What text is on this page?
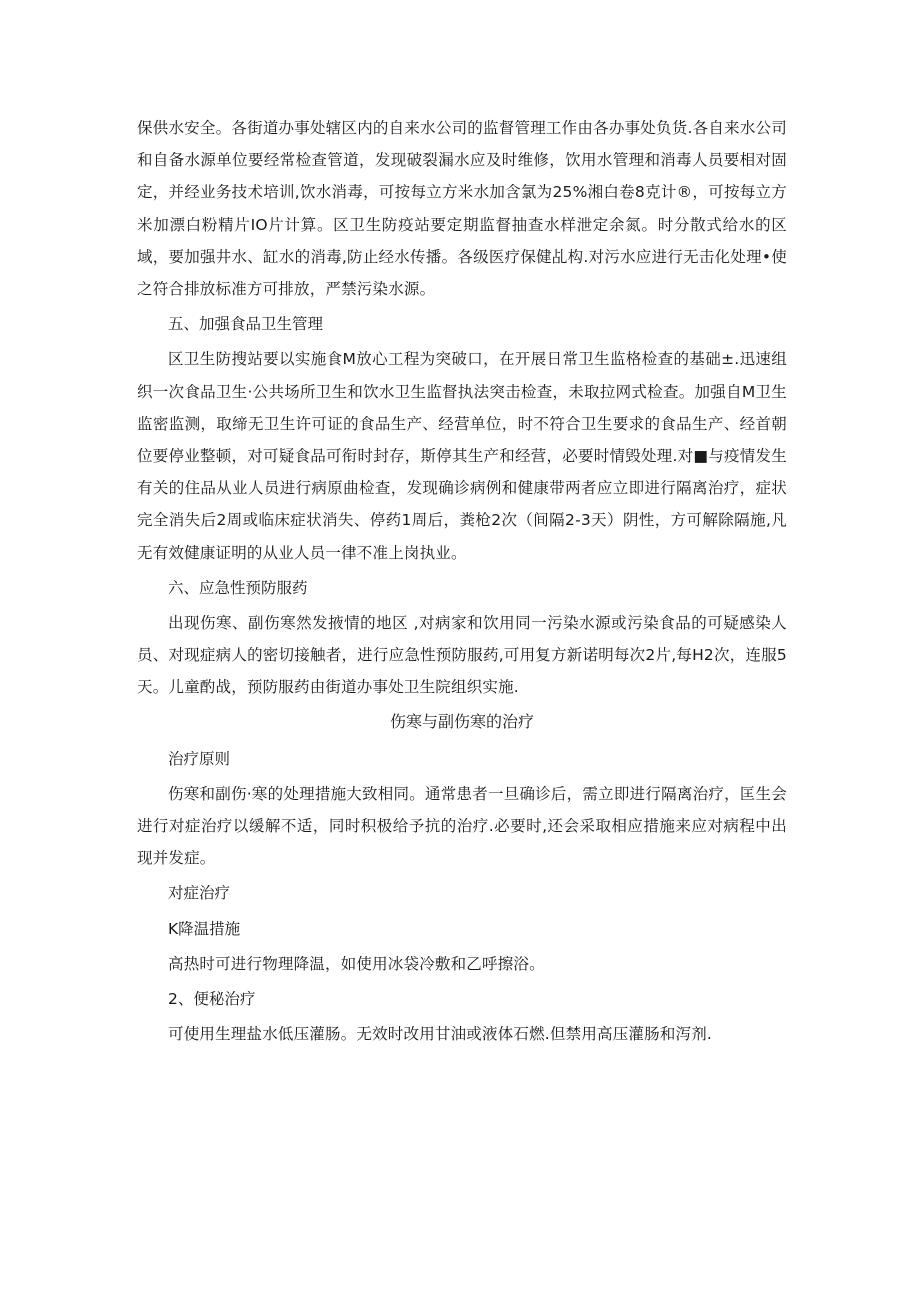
保供水安全。各街道办事处辖区内的自来水公司的监督管理工作由各办事处负货.各自来水公司和自备水源单位要经常检查管道，发现破裂漏水应及时维修，饮用水管理和消毒人员要相对固定，并经业务技术培训,饮水消毒，可按每立方米水加含氯为25%湘白卷8克计®，可按每立方米加漂白粉精片IO片计算。区卫生防疫站要定期监督抽查水样泄定余氮。时分散式给水的区域，要加强井水、缸水的消毒,防止经水传播。各级医疗保健乩构.对污水应进行无击化处理•使之符合排放标准方可排放，严禁污染水源。

五、加强食品卫生管理

区卫生防搜站要以实施食M放心工程为突破口，在开展日常卫生监格检查的基础±.迅速组织一次食品卫生·公共场所卫生和饮水卫生监督执法突击检查，未取拉网式检查。加强自M卫生监密监测，取缔无卫生许可证的食品生产、经营单位，时不符合卫生要求的食品生产、经首朝位要停业整顿，对可疑食品可衔时封存，斯停其生产和经营，必要时情毁处理.对■与疫情发生有关的住品从业人员进行病原曲检查，发现确诊病例和健康带两者应立即进行隔离治疗，症状完全消失后2周或临床症状消失、停药1周后，粪枪2次（间隔2-3天）阴性，方可解除隔施,凡无有效健康证明的从业人员一律不准上岗执业。

六、应急性预防服药

出现伤寒、副伤寒然发掖情的地区 ,对病家和饮用同一污染水源或污染食品的可疑感染人员、对现症病人的密切接触者，进行应急性预防服药,可用复方新诺明每次2片,每H2次，连服5天。儿童酌战，预防服药由街道办事处卫生院组织实施.

伤寒与副伤寒的治疗

治疗原则

伤寒和副伤·寒的处理措施大致相同。通常患者一旦确诊后，需立即进行隔离治疗，匡生会进行对症治疗以缓解不适，同时积极给予抗的治疗.必要时,还会采取相应措施来应对病程中出现并发症。

对症治疗

K降温措施

高热时可进行物理降温，如使用冰袋冷敷和乙呼擦浴。

2、便秘治疗

可使用生理盐水低压灌肠。无效时改用甘油或液体石燃.但禁用高压灌肠和泻剂.
